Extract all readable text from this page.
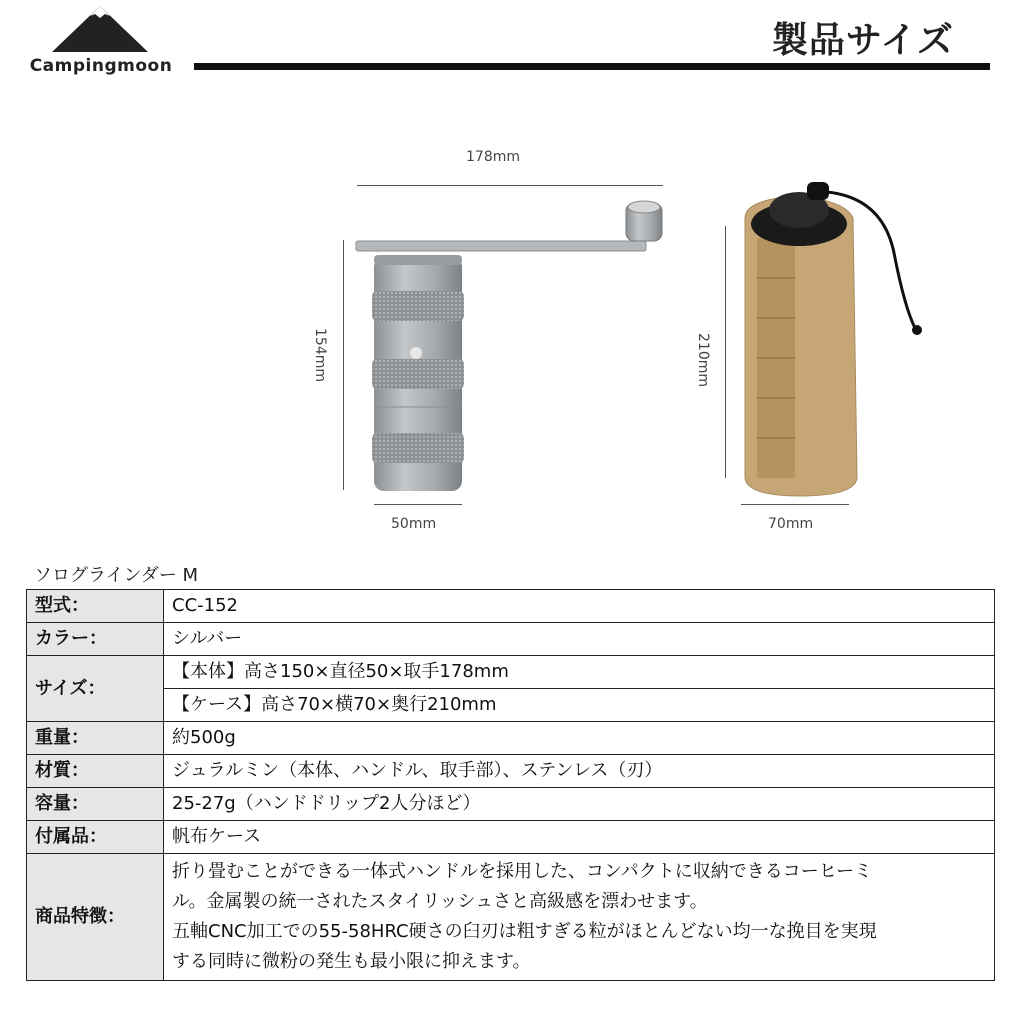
Campingmoon
製品サイズ
178mm
154mm
50mm
210mm
70mm
ソログラインダー M
型式：	CC-152
カラー：	シルバー
サイズ：	【本体】高さ150×直径50×取手178mm
	【ケース】高さ70×横70×奥行210mm
重量：	約500g
材質：	ジュラルミン（本体、ハンドル、取手部）、ステンレス（刃）
容量：	25-27g（ハンドドリップ2人分ほど）
付属品：	帆布ケース
商品特徴：	折り畳むことができる一体式ハンドルを採用した、コンパクトに収納できるコーヒーミ
ル。金属製の統一されたスタイリッシュさと高級感を漂わせます。
五軸CNC加工での55-58HRC硬さの臼刃は粗すぎる粒がほとんどない均一な挽目を実現
する同時に微粉の発生も最小限に抑えます。
